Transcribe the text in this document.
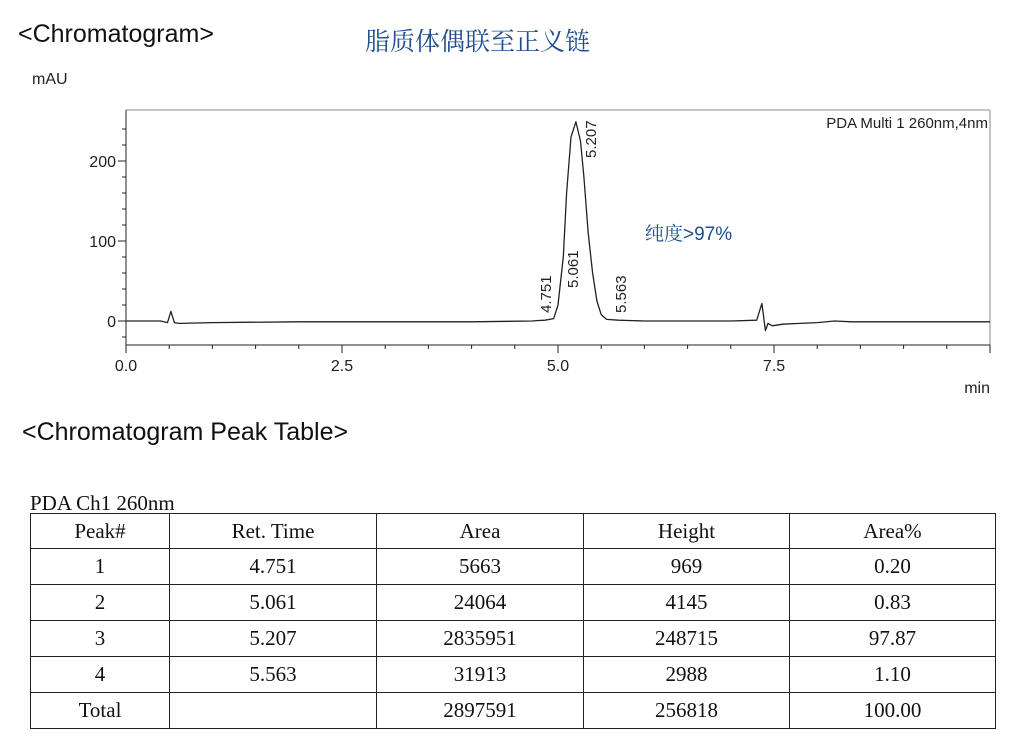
<Chromatogram>	脂质体偶联至正义链
0
100
200
0.0	2.5	5.0	7.5
mAU
min
PDA Multi 1 260nm,4nm
4.751
5.061
5.207
5.563
纯度>97%
<Chromatogram Peak Table>
PDA Ch1 260nm
Peak#	Ret. Time	Area	Height	Area%
1	4.751	5663	969	0.20
2	5.061	24064	4145	0.83
3	5.207	2835951	248715	97.87
4	5.563	31913	2988	1.10
Total		2897591	256818	100.00
